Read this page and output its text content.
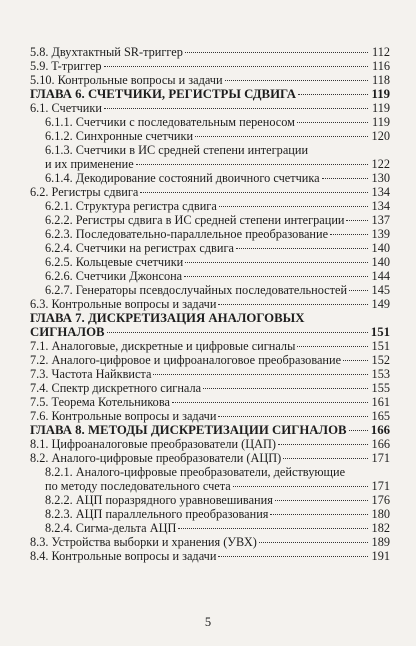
5.8. Двухтактный SR-триггер	112
5.9. T-триггер	116
5.10. Контрольные вопросы и задачи	118
ГЛАВА 6. СЧЕТЧИКИ, РЕГИСТРЫ СДВИГА	119
6.1. Счетчики	119
6.1.1. Счетчики с последовательным переносом	119
6.1.2. Синхронные счетчики	120
6.1.3. Счетчики в ИС средней степени интеграции
и их применение	122
6.1.4. Декодирование состояний двоичного счетчика	130
6.2. Регистры сдвига	134
6.2.1. Структура регистра сдвига	134
6.2.2. Регистры сдвига в ИС средней степени интеграции 137
6.2.3. Последовательно-параллельное преобразование	139
6.2.4. Счетчики на регистрах сдвига	140
6.2.5. Кольцевые счетчики	140
6.2.6. Счетчики Джонсона	144
6.2.7. Генераторы псевдослучайных последовательностей 145
6.3. Контрольные вопросы и задачи	149
ГЛАВА 7. ДИСКРЕТИЗАЦИЯ АНАЛОГОВЫХ
СИГНАЛОВ	151
7.1. Аналоговые, дискретные и цифровые сигналы	151
7.2. Аналого-цифровое и цифроаналоговое преобразование 152
7.3. Частота Найквиста	153
7.4. Спектр дискретного сигнала	155
7.5. Теорема Котельникова	161
7.6. Контрольные вопросы и задачи	165
ГЛАВА 8. МЕТОДЫ ДИСКРЕТИЗАЦИИ СИГНАЛОВ 166
8.1. Цифроаналоговые преобразователи (ЦАП)	166
8.2. Аналого-цифровые преобразователи (АЦП)	171
8.2.1. Аналого-цифровые преобразователи, действующие
по методу последовательного счета	171
8.2.2. АЦП поразрядного уравновешивания	176
8.2.3. АЦП параллельного преобразования	180
8.2.4. Сигма-дельта АЦП	182
8.3. Устройства выборки и хранения (УВХ)	189
8.4. Контрольные вопросы и задачи	191
5
